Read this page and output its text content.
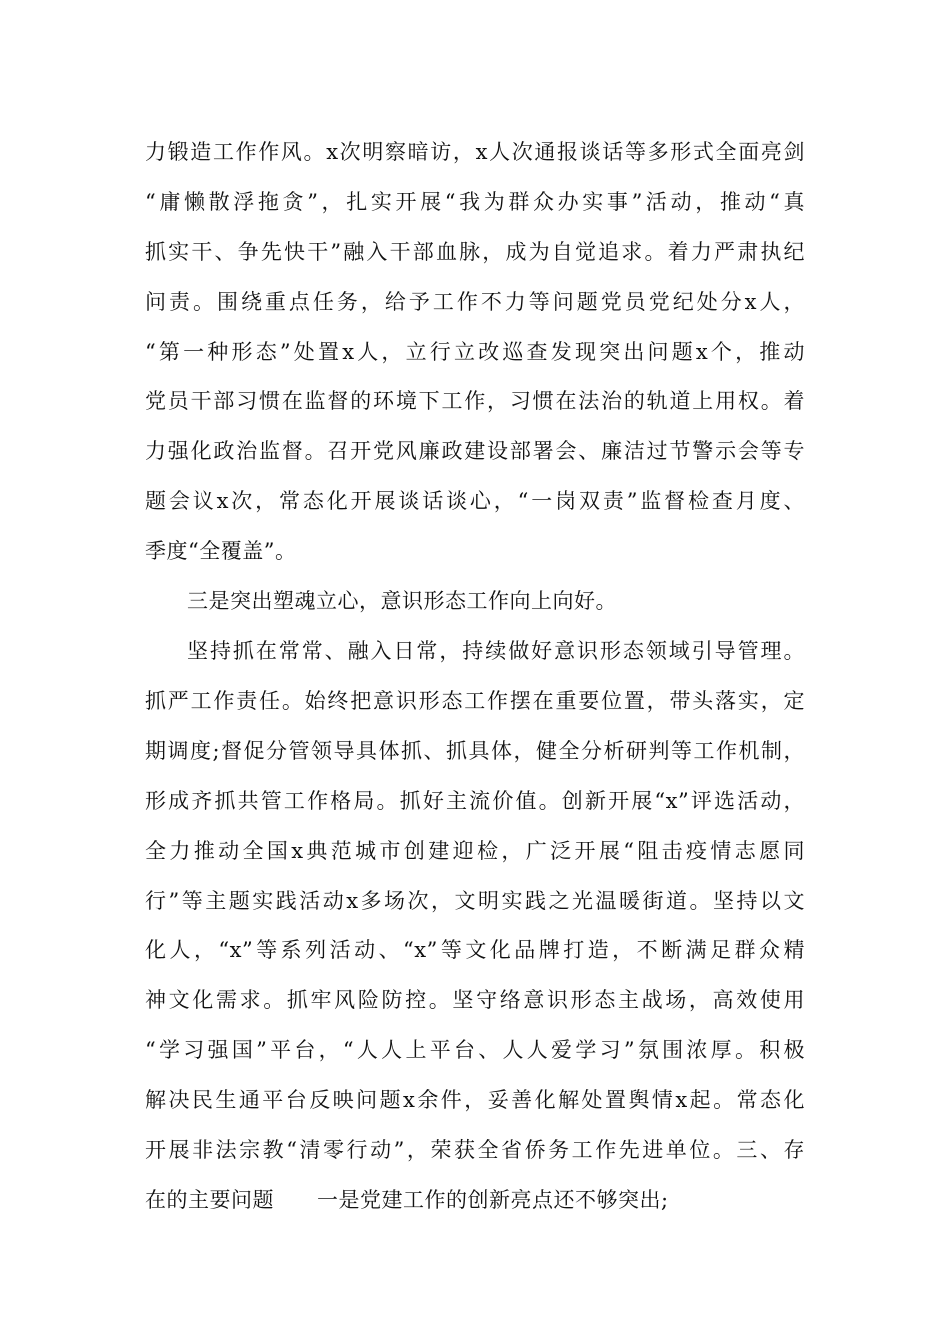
力锻造工作作风。x次明察暗访，x人次通报谈话等多形式全面亮剑
“庸懒散浮拖贪”，扎实开展“我为群众办实事”活动，推动“真
抓实干、争先快干”融入干部血脉，成为自觉追求。着力严肃执纪
问责。围绕重点任务，给予工作不力等问题党员党纪处分x人，
“第一种形态”处置x人，立行立改巡查发现突出问题x个，推动
党员干部习惯在监督的环境下工作，习惯在法治的轨道上用权。着
力强化政治监督。召开党风廉政建设部署会、廉洁过节警示会等专
题会议x次，常态化开展谈话谈心，“一岗双责”监督检查月度、
季度“全覆盖”。
三是突出塑魂立心，意识形态工作向上向好。
坚持抓在常常、融入日常，持续做好意识形态领域引导管理。
抓严工作责任。始终把意识形态工作摆在重要位置，带头落实，定
期调度;督促分管领导具体抓、抓具体，健全分析研判等工作机制，
形成齐抓共管工作格局。抓好主流价值。创新开展“x”评选活动，
全力推动全国x典范城市创建迎检，广泛开展“阻击疫情志愿同
行”等主题实践活动x多场次，文明实践之光温暖街道。坚持以文
化人，“x”等系列活动、“x”等文化品牌打造，不断满足群众精
神文化需求。抓牢风险防控。坚守络意识形态主战场，高效使用
“学习强国”平台，“人人上平台、人人爱学习”氛围浓厚。积极
解决民生通平台反映问题x余件，妥善化解处置舆情x起。常态化
开展非法宗教“清零行动”，荣获全省侨务工作先进单位。三、存
在的主要问题　　一是党建工作的创新亮点还不够突出;
